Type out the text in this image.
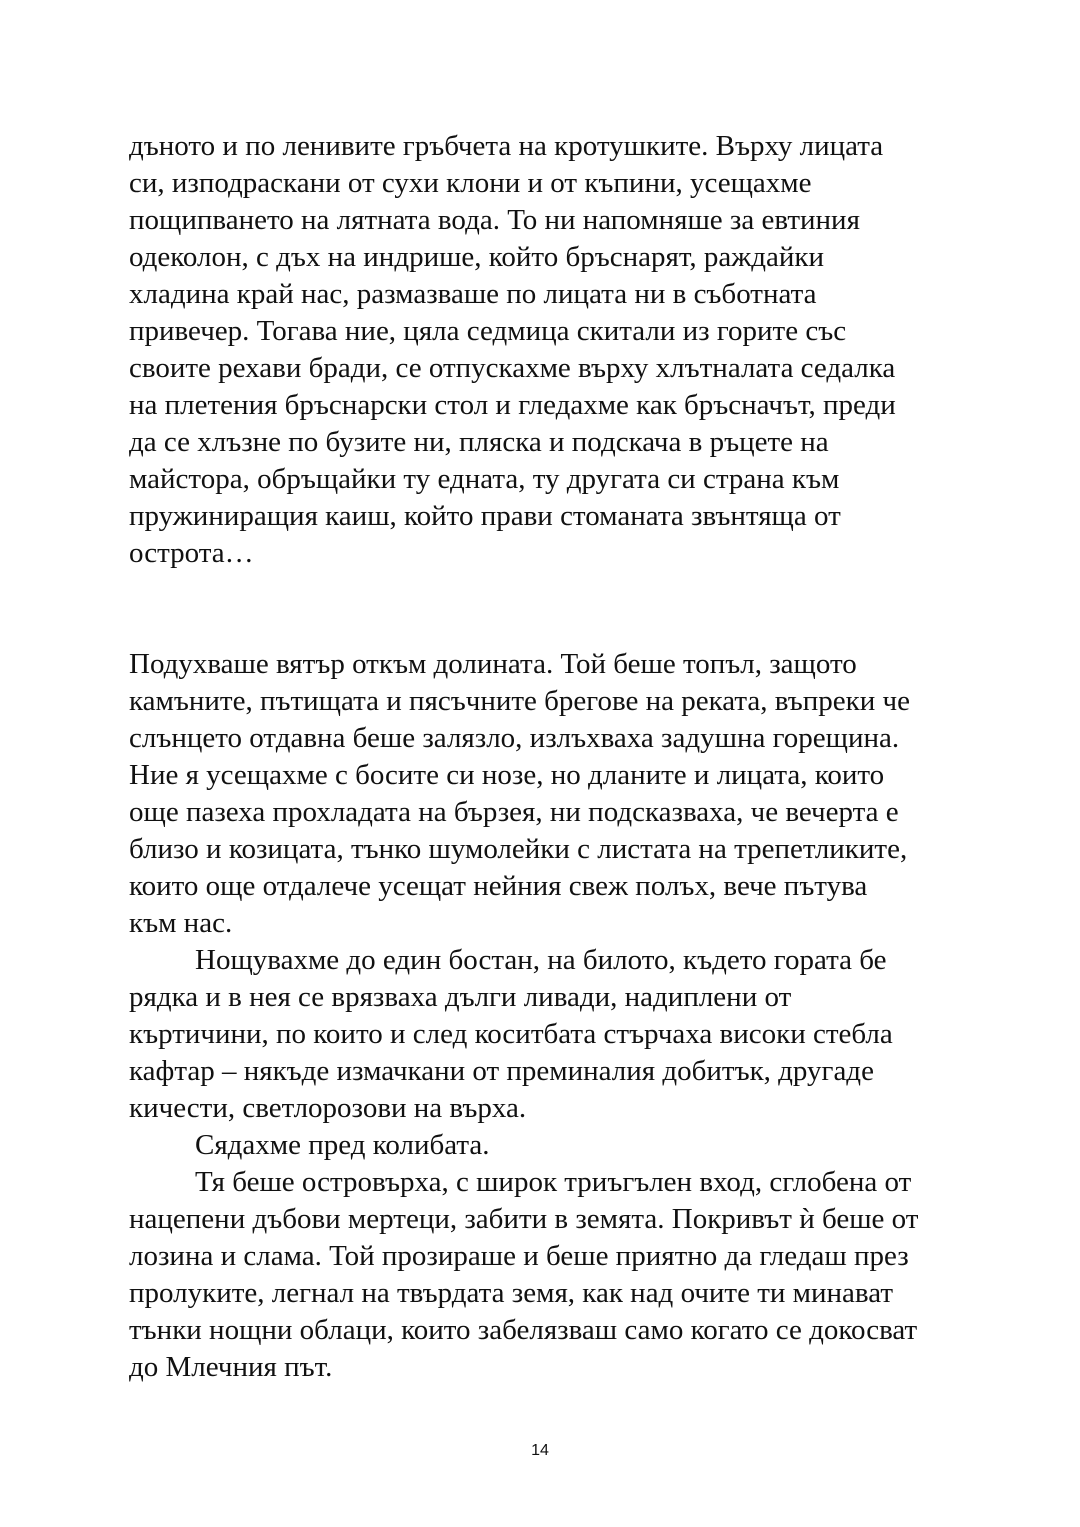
дъното и по ленивите гръбчета на кротушките. Върху лицата
си, изподраскани от сухи клони и от къпини, усещахме
пощипването на лятната вода. То ни напомняше за евтиния
одеколон, с дъх на индрише, който бръснарят, раждайки
хладина край нас, размазваше по лицата ни в съботната
привечер. Тогава ние, цяла седмица скитали из горите със
своите рехави бради, се отпускахме върху хлътналата седалка
на плетения бръснарски стол и гледахме как бръсначът, преди
да се хлъзне по бузите ни, пляска и подскача в ръцете на
майстора, обръщайки ту едната, ту другата си страна към
пружиниращия каиш, който прави стоманата звънтяща от
острота…
Подухваше вятър откъм долината. Той беше топъл, защото
камъните, пътищата и пясъчните брегове на реката, въпреки че
слънцето отдавна беше залязло, излъхваха задушна горещина.
Ние я усещахме с босите си нозе, но дланите и лицата, които
още пазеха прохладата на бързея, ни подсказваха, че вечерта е
близо и козицата, тънко шумолейки с листата на трепетликите,
които още отдалече усещат нейния свеж полъх, вече пътува
към нас.
Нощувахме до един бостан, на билото, където гората бе
рядка и в нея се врязваха дълги ливади, надиплени от
къртичини, по които и след коситбата стърчаха високи стебла
кафтар – някъде измачкани от преминалия добитък, другаде
кичести, светлорозови на върха.
Сядахме пред колибата.
Тя беше островърха, с широк триъгълен вход, сглобена от
нацепени дъбови мертеци, забити в земята. Покривът ѝ беше от
лозина и слама. Той прозираше и беше приятно да гледаш през
пролуките, легнал на твърдата земя, как над очите ти минават
тънки нощни облаци, които забелязваш само когато се докосват
до Млечния път.
14
